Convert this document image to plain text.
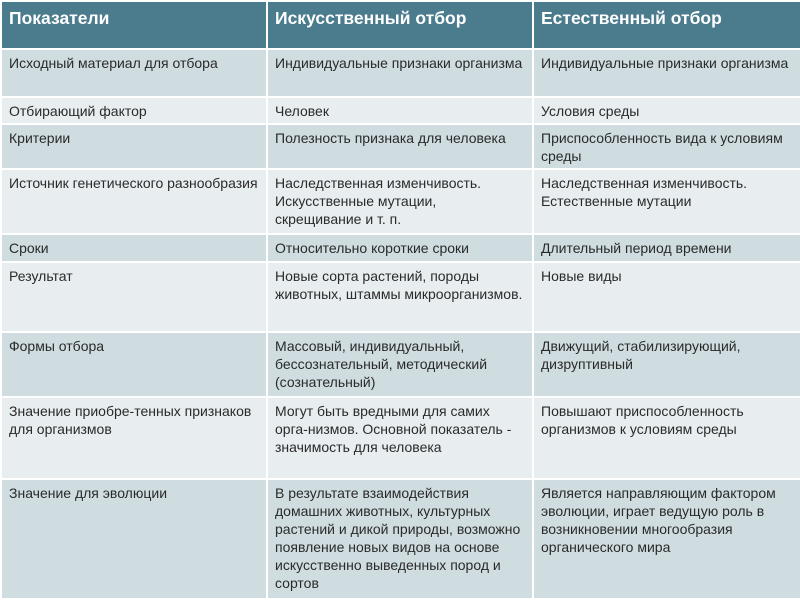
Показатели	Искусственный отбор	Естественный отбор
Исходный материал для отбора	Индивидуальные признаки организма	Индивидуальные признаки организма
Отбирающий фактор	Человек	Условия среды
Критерии	Полезность признака для человека	Приспособленность вида к условиям среды
Источник генетического разнообразия	Наследственная изменчивость. Искусственные мутации, скрещивание и т. п.	Наследственная изменчивость. Естественные мутации
Сроки	Относительно короткие сроки	Длительный период времени
Результат	Новые сорта растений, породы животных, штаммы микроорганизмов.	Новые виды
Формы отбора	Массовый, индивидуальный, бессознательный, методический (сознательный)	Движущий, стабилизирующий, дизруптивный
Значение приобре-тенных признаков для организмов	Могут быть вредными для самих орга-низмов. Основной показатель - значимость для человека	Повышают приспособленность организмов к условиям среды
Значение для эволюции	В результате взаимодействия домашних животных, культурных растений и дикой природы, возможно появление новых видов на основе искусственно выведенных пород и сортов	Является направляющим фактором эволюции, играет ведущую роль в возникновении многообразия органического мира
